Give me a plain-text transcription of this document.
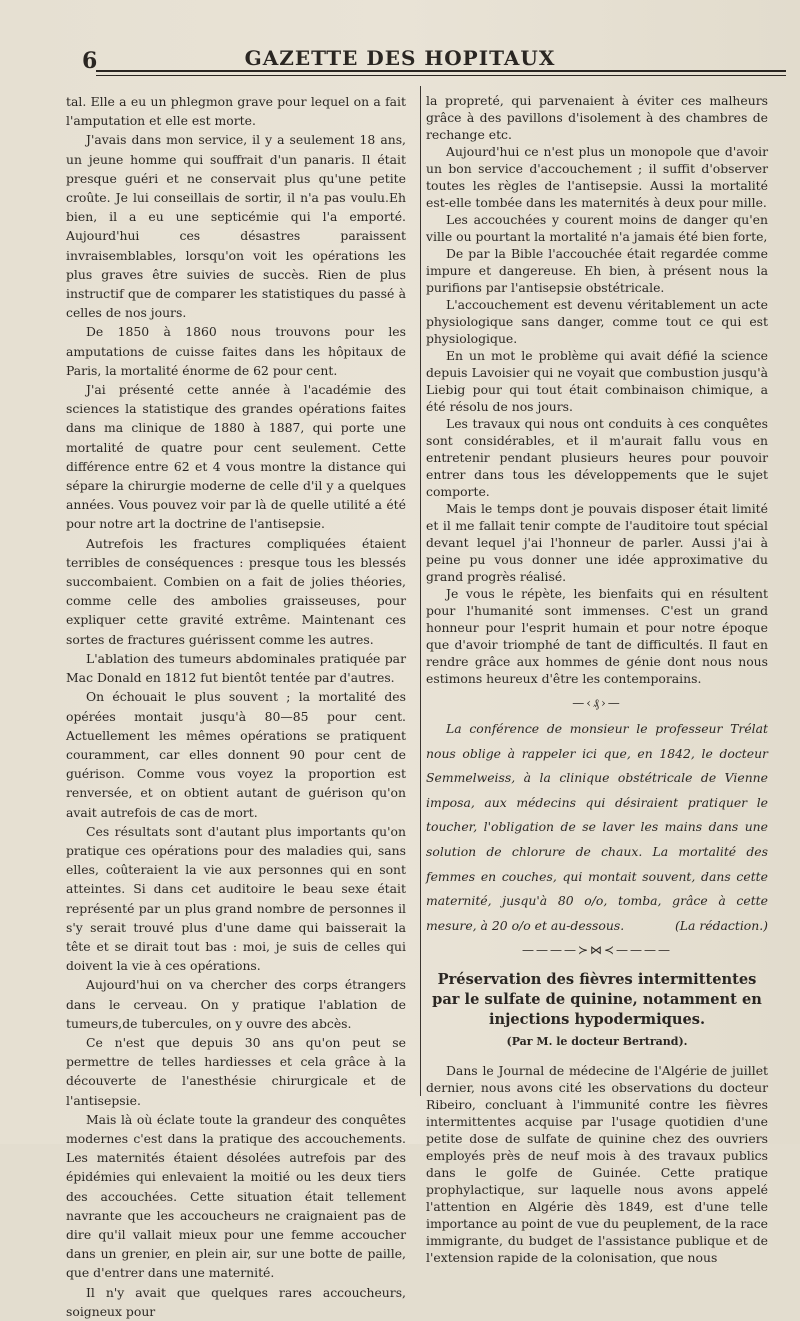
6	GAZETTE DES HOPITAUX

tal. Elle a eu un phlegmon grave pour lequel on a fait l'amputation et elle est morte.

J'avais dans mon service, il y a seulement 18 ans, un jeune homme qui souffrait d'un panaris. Il était presque guéri et ne conservait plus qu'une petite croûte. Je lui conseillais de sortir, il n'a pas voulu.Eh bien, il a eu une septicémie qui l'a emporté. Aujourd'hui ces désastres paraissent invraisemblables, lorsqu'on voit les opérations les plus graves être suivies de succès. Rien de plus instructif que de comparer les statistiques du passé à celles de nos jours.

De 1850 à 1860 nous trouvons pour les amputations de cuisse faites dans les hôpitaux de Paris, la mortalité énorme de 62 pour cent.

J'ai présenté cette année à l'académie des sciences la statistique des grandes opérations faites dans ma clinique de 1880 à 1887, qui porte une mortalité de quatre pour cent seulement. Cette différence entre 62 et 4 vous montre la distance qui sépare la chirurgie moderne de celle d'il y a quelques années. Vous pouvez voir par là de quelle utilité a été pour notre art la doctrine de l'antisepsie.

Autrefois les fractures compliquées étaient terribles de conséquences : presque tous les blessés succombaient. Combien on a fait de jolies théories, comme celle des ambolies graisseuses, pour expliquer cette gravité extrême. Maintenant ces sortes de fractures guérissent comme les autres.

L'ablation des tumeurs abdominales pratiquée par Mac Donald en 1812 fut bientôt tentée par d'autres.

On échouait le plus souvent ; la mortalité des opérées montait jusqu'à 80—85 pour cent. Actuellement les mêmes opérations se pratiquent couramment, car elles donnent 90 pour cent de guérison. Comme vous voyez la proportion est renversée, et on obtient autant de guérison qu'on avait autrefois de cas de mort.

Ces résultats sont d'autant plus importants qu'on pratique ces opérations pour des maladies qui, sans elles, coûteraient la vie aux personnes qui en sont atteintes. Si dans cet auditoire le beau sexe était représenté par un plus grand nombre de personnes il s'y serait trouvé plus d'une dame qui baisserait la tête et se dirait tout bas : moi, je suis de celles qui doivent la vie à ces opérations.

Aujourd'hui on va chercher des corps étrangers dans le cerveau. On y pratique l'ablation de tumeurs,de tubercules, on y ouvre des abcès.

Ce n'est que depuis 30 ans qu'on peut se permettre de telles hardiesses et cela grâce à la découverte de l'anesthésie chirurgicale et de l'antisepsie.

Mais là où éclate toute la grandeur des conquêtes modernes c'est dans la pratique des accouchements. Les maternités étaient désolées autrefois par des épidémies qui enlevaient la moitié ou les deux tiers des accouchées. Cette situation était tellement navrante que les accoucheurs ne craignaient pas de dire qu'il vallait mieux pour une femme accoucher dans un grenier, en plein air, sur une botte de paille, que d'entrer dans une maternité.

Il n'y avait que quelques rares accoucheurs, soigneux pour

la propreté, qui parvenaient à éviter ces malheurs grâce à des pavillons d'isolement à des chambres de rechange etc.

Aujourd'hui ce n'est plus un monopole que d'avoir un bon service d'accouchement ; il suffit d'observer toutes les règles de l'antisepsie. Aussi la mortalité est-elle tombée dans les maternités à deux pour mille.

Les accouchées y courent moins de danger qu'en ville ou pourtant la mortalité n'a jamais été bien forte,

De par la Bible l'accouchée était regardée comme impure et dangereuse. Eh bien, à présent nous la purifions par l'antisepsie obstétricale.

L'accouchement est devenu véritablement un acte physiologique sans danger, comme tout ce qui est physiologique.

En un mot le problème qui avait défié la science depuis Lavoisier qui ne voyait que combustion jusqu'à Liebig pour qui tout était combinaison chimique, a été résolu de nos jours.

Les travaux qui nous ont conduits à ces conquêtes sont considérables, et il m'aurait fallu vous en entretenir pendant plusieurs heures pour pouvoir entrer dans tous les développements que le sujet comporte.

Mais le temps dont je pouvais disposer était limité et il me fallait tenir compte de l'auditoire tout spécial devant lequel j'ai l'honneur de parler. Aussi j'ai à peine pu vous donner une idée approximative du grand progrès réalisé.

Je vous le répète, les bienfaits qui en résultent pour l'humanité sont immenses. C'est un grand honneur pour l'esprit humain et pour notre époque que d'avoir triomphé de tant de difficultés. Il faut en rendre grâce aux hommes de génie dont nous nous estimons heureux d'être les contemporains.

—‹₰›—

La conférence de monsieur le professeur Trélat nous oblige à rappeler ici que, en 1842, le docteur Semmelweiss, à la clinique obstétricale de Vienne imposa, aux médecins qui désiraient pratiquer le toucher, l'obligation de se laver les mains dans une solution de chlorure de chaux. La mortalité des femmes en couches, qui montait souvent, dans cette maternité, jusqu'à 80 o/o, tomba, grâce à cette mesure, à 20 o/o et au-dessous.	(La rédaction.)

————≻⋈≺————
Préservation des fièvres intermittentes par le sulfate de quinine, notamment en injections hypodermiques.
(Par M. le docteur Bertrand).

Dans le Journal de médecine de l'Algérie de juillet dernier, nous avons cité les observations du docteur Ribeiro, concluant à l'immunité contre les fièvres intermittentes acquise par l'usage quotidien d'une petite dose de sulfate de quinine chez des ouvriers employés près de neuf mois à des travaux publics dans le golfe de Guinée. Cette pratique prophylactique, sur laquelle nous avons appelé l'attention en Algérie dès 1849, est d'une telle importance au point de vue du peuplement, de la race immigrante, du budget de l'assistance publique et de l'extension rapide de la colonisation, que nous
